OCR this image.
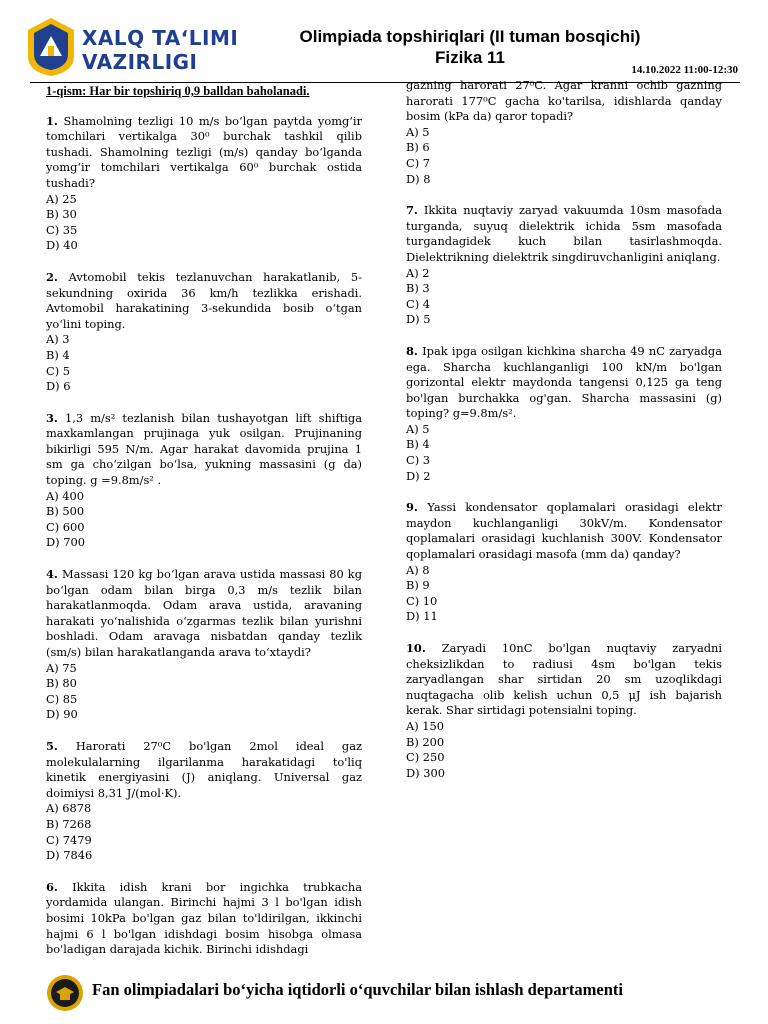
XALQ TAʻLIMI
VAZIRLIGI
Olimpiada topshiriqlari (II tuman bosqichi)
Fizika 11
14.10.2022 11:00-12:30
1-qism: Har bir topshiriq 0,9 balldan baholanadi.
1. Shamolning tezligi 10 m/s boʻlgan paytda yomgʻir tomchilari vertikalga 30⁰ burchak tashkil qilib tushadi. Shamolning tezligi (m/s) qanday boʻlganda yomgʻir tomchilari vertikalga 60⁰ burchak ostida tushadi?
A) 25
B) 30
C) 35
D) 40
2. Avtomobil tekis tezlanuvchan harakatlanib, 5-sekundning oxirida 36 km/h tezlikka erishadi. Avtomobil harakatining 3-sekundida bosib oʻtgan yoʻlini toping.
A) 3
B) 4
C) 5
D) 6
3. 1,3 m/s² tezlanish bilan tushayotgan lift shiftiga maxkamlangan prujinaga yuk osilgan. Prujinaning bikirligi 595 N/m. Agar harakat davomida prujina 1 sm ga choʻzilgan boʻlsa, yukning massasini (g da) toping. g =9.8m/s² .
A) 400
B) 500
C) 600
D) 700
4. Massasi 120 kg boʻlgan arava ustida massasi 80 kg boʻlgan odam bilan birga 0,3 m/s tezlik bilan harakatlanmoqda. Odam arava ustida, aravaning harakati yoʻnalishida oʻzgarmas tezlik bilan yurishni boshladi. Odam aravaga nisbatdan qanday tezlik (sm/s) bilan harakatlanganda arava toʻxtaydi?
A) 75
B) 80
C) 85
D) 90
5. Harorati 27⁰C bo'lgan 2mol ideal gaz molekulalarning ilgarilanma harakatidagi to'liq kinetik energiyasini (J) aniqlang. Universal gaz doimiysi 8,31 J/(mol·K).
A) 6878
B) 7268
C) 7479
D) 7846
6. Ikkita idish krani bor ingichka trubkacha yordamida ulangan. Birinchi hajmi 3 l bo'lgan idish bosimi 10kPa bo'lgan gaz bilan to'ldirilgan, ikkinchi hajmi 6 l bo'lgan idishdagi bosim hisobga olmasa bo'ladigan darajada kichik. Birinchi idishdagi
gazning harorati 27⁰C. Agar kranni ochib gazning harorati 177⁰C gacha ko'tarilsa, idishlarda qanday bosim (kPa da) qaror topadi?
A) 5
B) 6
C) 7
D) 8
7. Ikkita nuqtaviy zaryad vakuumda 10sm masofada turganda, suyuq dielektrik ichida 5sm masofada turgandagidek kuch bilan tasirlashmoqda. Dielektrikning dielektrik singdiruvchanligini aniqlang.
A) 2
B) 3
C) 4
D) 5
8. Ipak ipga osilgan kichkina sharcha 49 nC zaryadga ega. Sharcha kuchlanganligi 100 kN/m bo'lgan gorizontal elektr maydonda tangensi 0,125 ga teng bo'lgan burchakka og'gan. Sharcha massasini (g) toping? g=9.8m/s².
A) 5
B) 4
C) 3
D) 2
9. Yassi kondensator qoplamalari orasidagi elektr maydon kuchlanganligi 30kV/m. Kondensator qoplamalari orasidagi kuchlanish 300V. Kondensator qoplamalari orasidagi masofa (mm da) qanday?
A) 8
B) 9
C) 10
D) 11
10. Zaryadi 10nC bo'lgan nuqtaviy zaryadni cheksizlikdan to radiusi 4sm bo'lgan tekis zaryadlangan shar sirtidan 20 sm uzoqlikdagi nuqtagacha olib kelish uchun 0,5 μJ ish bajarish kerak. Shar sirtidagi potensialni toping.
A) 150
B) 200
C) 250
D) 300
Fan olimpiadalari bo‘yicha iqtidorli o‘quvchilar bilan ishlash departamenti
